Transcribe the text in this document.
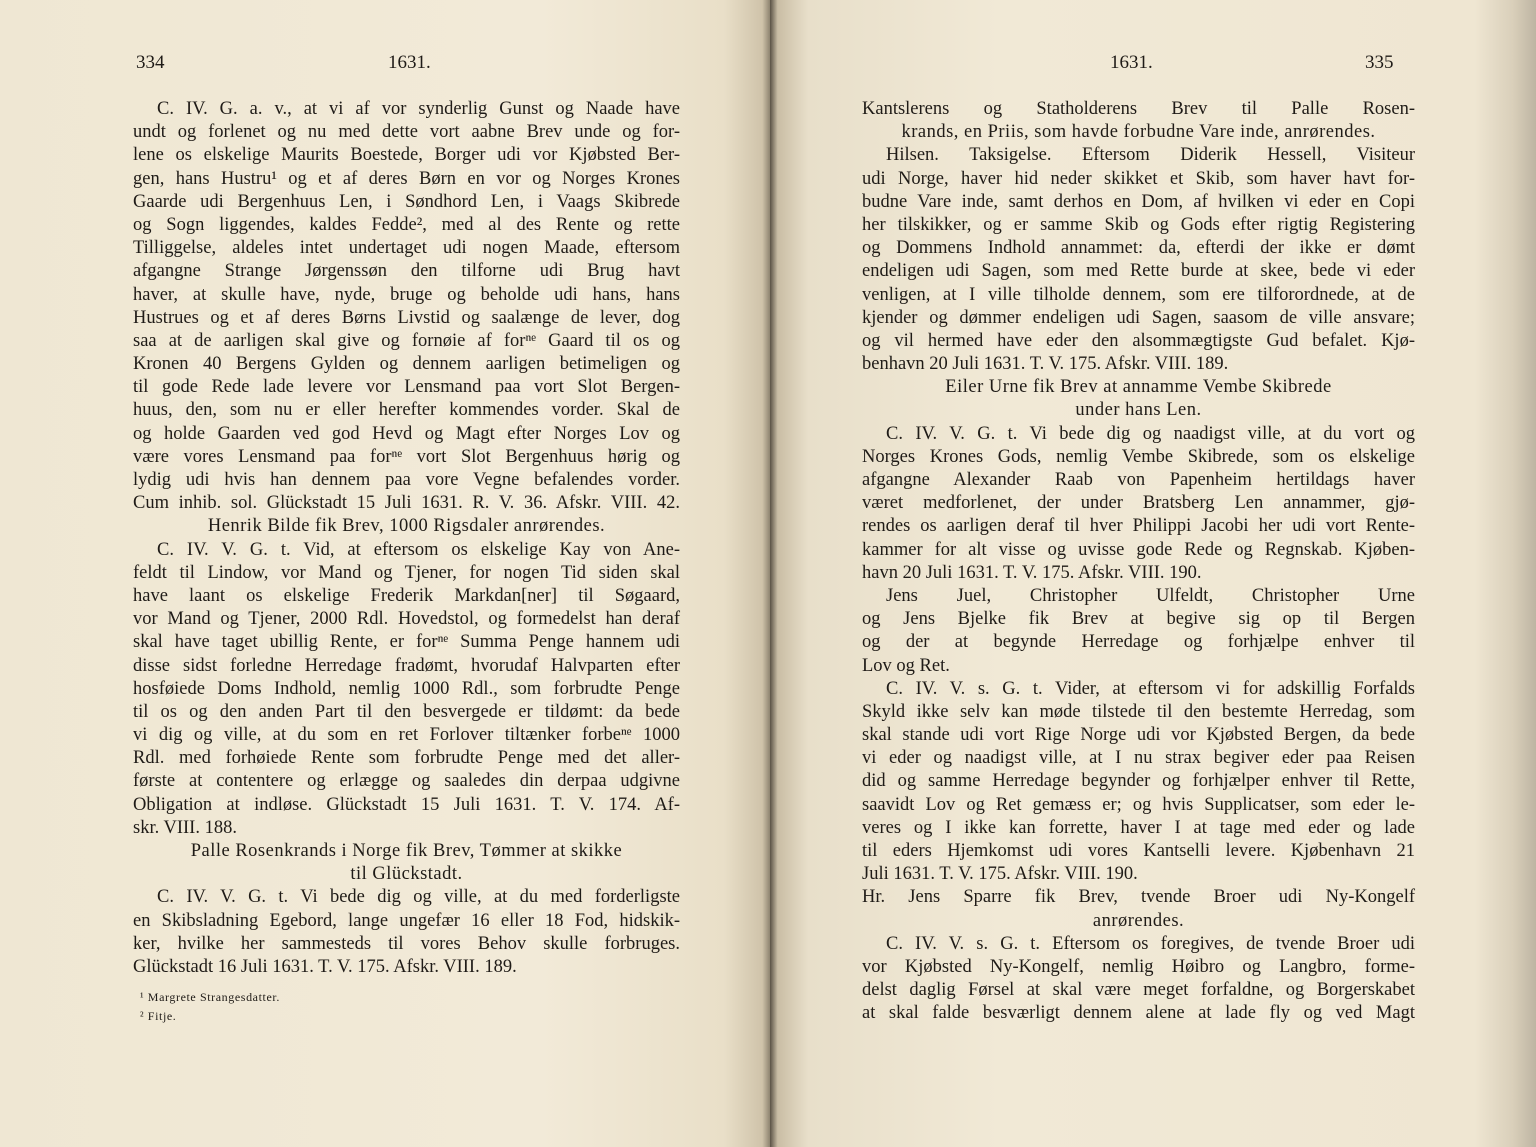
334	1631.
C. IV. G. a. v., at vi af vor synderlig Gunst og Naade have
undt og forlenet og nu med dette vort aabne Brev unde og for-
lene os elskelige Maurits Boestede, Borger udi vor Kjøbsted Ber-
gen, hans Hustru¹ og et af deres Børn en vor og Norges Krones
Gaarde udi Bergenhuus Len, i Søndhord Len, i Vaags Skibrede
og Sogn liggendes, kaldes Fedde², med al des Rente og rette
Tilliggelse, aldeles intet undertaget udi nogen Maade, eftersom
afgangne Strange Jørgenssøn den tilforne udi Brug havt
haver, at skulle have, nyde, bruge og beholde udi hans, hans
Hustrues og et af deres Børns Livstid og saalænge de lever, dog
saa at de aarligen skal give og fornøie af forⁿᵉ Gaard til os og
Kronen 40 Bergens Gylden og dennem aarligen betimeligen og
til gode Rede lade levere vor Lensmand paa vort Slot Bergen-
huus, den, som nu er eller herefter kommendes vorder. Skal de
og holde Gaarden ved god Hevd og Magt efter Norges Lov og
være vores Lensmand paa forⁿᵉ vort Slot Bergenhuus hørig og
lydig udi hvis han dennem paa vore Vegne befalendes vorder.
Cum inhib. sol. Glückstadt 15 Juli 1631. R. V. 36. Afskr. VIII. 42.
Henrik Bilde fik Brev, 1000 Rigsdaler anrørendes.
C. IV. V. G. t. Vid, at eftersom os elskelige Kay von Ane-
feldt til Lindow, vor Mand og Tjener, for nogen Tid siden skal
have laant os elskelige Frederik Markdan[ner] til Søgaard,
vor Mand og Tjener, 2000 Rdl. Hovedstol, og formedelst han deraf
skal have taget ubillig Rente, er forⁿᵉ Summa Penge hannem udi
disse sidst forledne Herredage fradømt, hvorudaf Halvparten efter
hosføiede Doms Indhold, nemlig 1000 Rdl., som forbrudte Penge
til os og den anden Part til den besvergede er tildømt: da bede
vi dig og ville, at du som en ret Forlover tiltænker forbeⁿᵉ 1000
Rdl. med forhøiede Rente som forbrudte Penge med det aller-
første at contentere og erlægge og saaledes din derpaa udgivne
Obligation at indløse. Glückstadt 15 Juli 1631. T. V. 174. Af-
skr. VIII. 188.
Palle Rosenkrands i Norge fik Brev, Tømmer at skikke
til Glückstadt.
C. IV. V. G. t. Vi bede dig og ville, at du med forderligste
en Skibsladning Egebord, lange ungefær 16 eller 18 Fod, hidskik-
ker, hvilke her sammesteds til vores Behov skulle forbruges.
Glückstadt 16 Juli 1631. T. V. 175. Afskr. VIII. 189.
¹ Margrete Strangesdatter.
² Fitje.
1631.	335
Kantslerens og Statholderens Brev til Palle Rosen-
krands, en Priis, som havde forbudne Vare inde, anrørendes.
Hilsen. Taksigelse. Eftersom Diderik Hessell, Visiteur
udi Norge, haver hid neder skikket et Skib, som haver havt for-
budne Vare inde, samt derhos en Dom, af hvilken vi eder en Copi
her tilskikker, og er samme Skib og Gods efter rigtig Registering
og Dommens Indhold annammet: da, efterdi der ikke er dømt
endeligen udi Sagen, som med Rette burde at skee, bede vi eder
venligen, at I ville tilholde dennem, som ere tilforordnede, at de
kjender og dømmer endeligen udi Sagen, saasom de ville ansvare;
og vil hermed have eder den alsommægtigste Gud befalet. Kjø-
benhavn 20 Juli 1631. T. V. 175. Afskr. VIII. 189.
Eiler Urne fik Brev at annamme Vembe Skibrede
under hans Len.
C. IV. V. G. t. Vi bede dig og naadigst ville, at du vort og
Norges Krones Gods, nemlig Vembe Skibrede, som os elskelige
afgangne Alexander Raab von Papenheim hertildags haver
været medforlenet, der under Bratsberg Len annammer, gjø-
rendes os aarligen deraf til hver Philippi Jacobi her udi vort Rente-
kammer for alt visse og uvisse gode Rede og Regnskab. Kjøben-
havn 20 Juli 1631. T. V. 175. Afskr. VIII. 190.
Jens Juel, Christopher Ulfeldt, Christopher Urne
og Jens Bjelke fik Brev at begive sig op til Bergen
og der at begynde Herredage og forhjælpe enhver til
Lov og Ret.
C. IV. V. s. G. t. Vider, at eftersom vi for adskillig Forfalds
Skyld ikke selv kan møde tilstede til den bestemte Herredag, som
skal stande udi vort Rige Norge udi vor Kjøbsted Bergen, da bede
vi eder og naadigst ville, at I nu strax begiver eder paa Reisen
did og samme Herredage begynder og forhjælper enhver til Rette,
saavidt Lov og Ret gemæss er; og hvis Supplicatser, som eder le-
veres og I ikke kan forrette, haver I at tage med eder og lade
til eders Hjemkomst udi vores Kantselli levere. Kjøbenhavn 21
Juli 1631. T. V. 175. Afskr. VIII. 190.
Hr. Jens Sparre fik Brev, tvende Broer udi Ny-Kongelf
anrørendes.
C. IV. V. s. G. t. Eftersom os foregives, de tvende Broer udi
vor Kjøbsted Ny-Kongelf, nemlig Høibro og Langbro, forme-
delst daglig Førsel at skal være meget forfaldne, og Borgerskabet
at skal falde besværligt dennem alene at lade fly og ved Magt
